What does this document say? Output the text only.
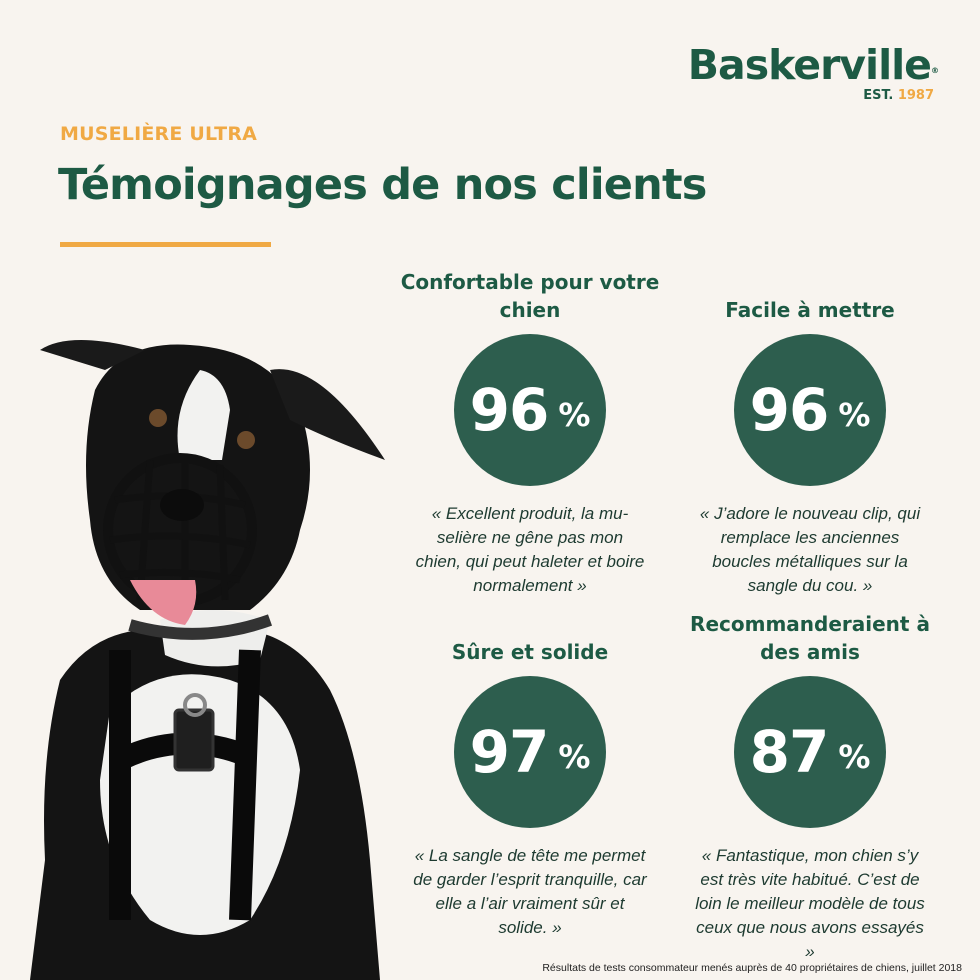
Baskerville®
EST. 1987
MUSELIÈRE ULTRA
Témoignages de nos clients
Confortable pour votre chien
96 %
« Excellent produit, la muselière ne gêne pas mon chien, qui peut haleter et boire normalement »
Facile à mettre
96 %
« J’adore le nouveau clip, qui remplace les anciennes boucles métalliques sur la sangle du cou. »
Sûre et solide
97 %
« La sangle de tête me permet de garder l’esprit tranquille, car elle a l’air vraiment sûr et solide. »
Recommanderaient à des amis
87 %
« Fantastique, mon chien s’y est très vite habitué. C’est de loin le meilleur modèle de tous ceux que nous avons essayés »
Résultats de tests consommateur menés auprès de 40 propriétaires de chiens, juillet 2018
